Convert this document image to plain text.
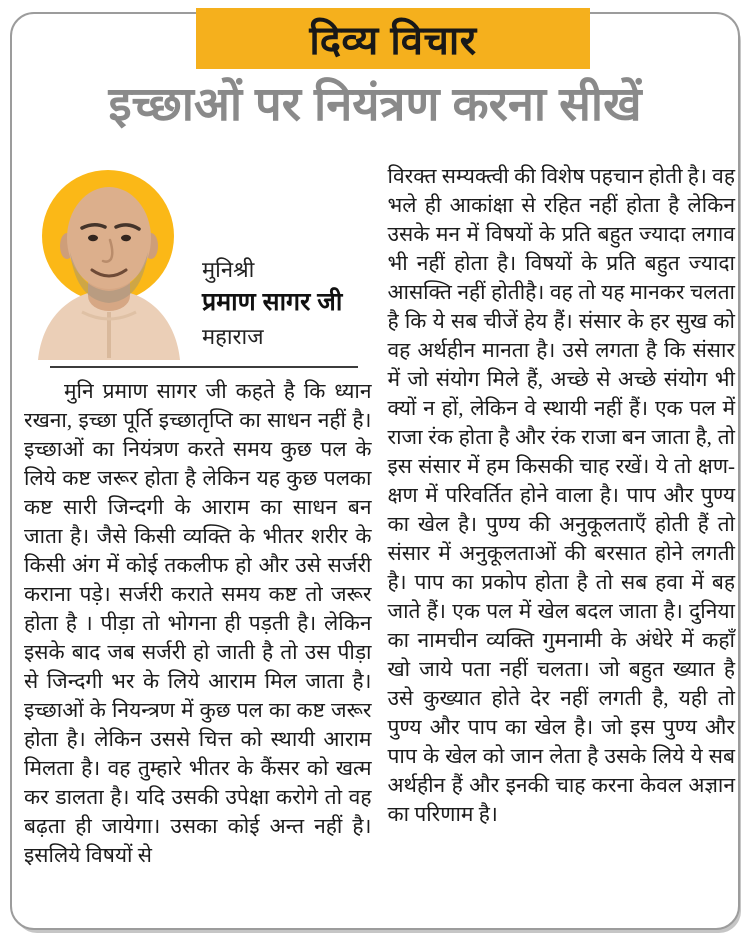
दिव्य विचार
इच्छाओं पर नियंत्रण करना सीखें
मुनिश्री
प्रमाण सागर जी
महाराज

मुनि प्रमाण सागर जी कहते है कि ध्यान रखना, इच्छा पूर्ति इच्छातृप्ति का साधन नहीं है। इच्छाओं का नियंत्रण करते समय कुछ पल के लिये कष्ट जरूर होता है लेकिन यह कुछ पलका कष्ट सारी जिन्दगी के आराम का साधन बन जाता है। जैसे किसी व्यक्ति के भीतर शरीर के किसी अंग में कोई तकलीफ हो और उसे सर्जरी कराना पड़े। सर्जरी कराते समय कष्ट तो जरूर होता है । पीड़ा तो भोगना ही पड़ती है। लेकिन इसके बाद जब सर्जरी हो जाती है तो उस पीड़ा से जिन्दगी भर के लिये आराम मिल जाता है। इच्छाओं के नियन्त्रण में कुछ पल का कष्ट जरूर होता है। लेकिन उससे चित्त को स्थायी आराम मिलता है। वह तुम्हारे भीतर के कैंसर को खत्म कर डालता है। यदि उसकी उपेक्षा करोगे तो वह बढ़ता ही जायेगा। उसका कोई अन्त नहीं है। इसलिये विषयों से

विरक्त सम्यक्त्वी की विशेष पहचान होती है। वह भले ही आकांक्षा से रहित नहीं होता है लेकिन उसके मन में विषयों के प्रति बहुत ज्यादा लगाव भी नहीं होता है। विषयों के प्रति बहुत ज्यादा आसक्ति नहीं होतीहै। वह तो यह मानकर चलता है कि ये सब चीजें हेय हैं। संसार के हर सुख को वह अर्थहीन मानता है। उसे लगता है कि संसार में जो संयोग मिले हैं, अच्छे से अच्छे संयोग भी क्यों न हों, लेकिन वे स्थायी नहीं हैं। एक पल में राजा रंक होता है और रंक राजा बन जाता है, तो इस संसार में हम किसकी चाह रखें। ये तो क्षण-क्षण में परिवर्तित होने वाला है। पाप और पुण्य का खेल है। पुण्य की अनुकूलताएँ होती हैं तो संसार में अनुकूलताओं की बरसात होने लगती है। पाप का प्रकोप होता है तो सब हवा में बह जाते हैं। एक पल में खेल बदल जाता है। दुनिया का नामचीन व्यक्ति गुमनामी के अंधेरे में कहाँ खो जाये पता नहीं चलता। जो बहुत ख्यात है उसे कुख्यात होते देर नहीं लगती है, यही तो पुण्य और पाप का खेल है। जो इस पुण्य और पाप के खेल को जान लेता है उसके लिये ये सब अर्थहीन हैं और इनकी चाह करना केवल अज्ञान का परिणाम है।
